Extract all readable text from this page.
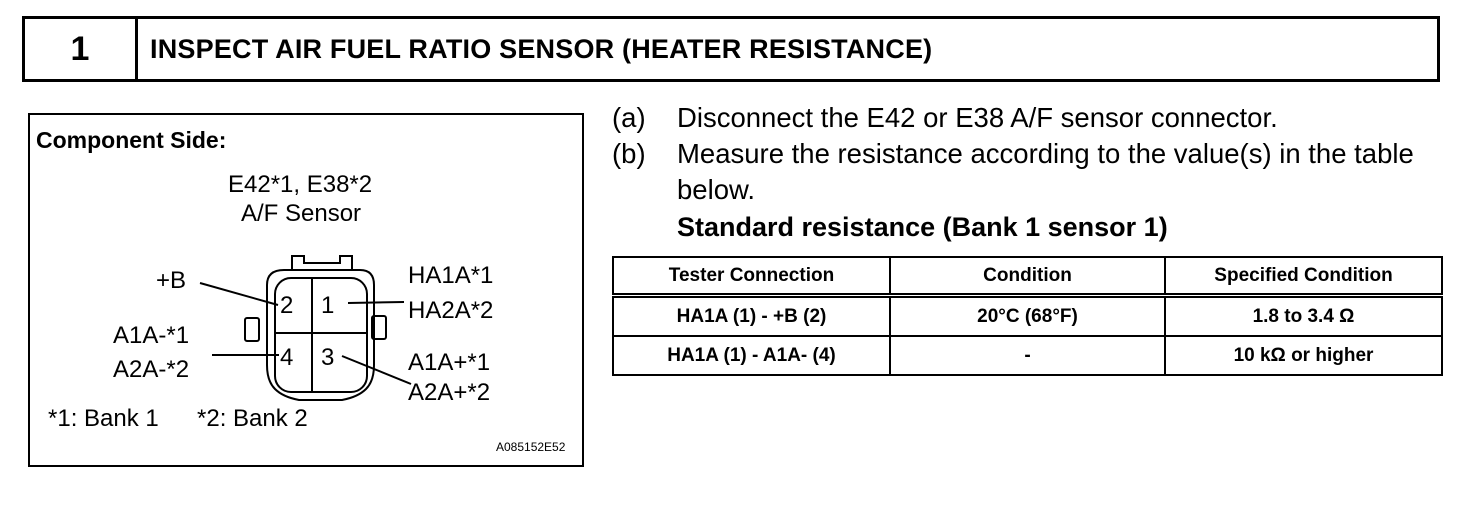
1	INSPECT AIR FUEL RATIO SENSOR (HEATER RESISTANCE)
Component Side:
E42*1, E38*2
A/F Sensor
2 1
4 3
+B	HA1A*1
HA2A*2
A1A-*1
A2A-*2	A1A+*1
A2A+*2
*1: Bank 1 *2: Bank 2
A085152E52
(a)	Disconnect the E42 or E38 A/F sensor connector.
(b)	Measure the resistance according to the value(s) in the table below.
Standard resistance (Bank 1 sensor 1)
Tester Connection	Condition	Specified Condition
HA1A (1) - +B (2)	20°C (68°F)	1.8 to 3.4 Ω
HA1A (1) - A1A- (4)	-	10 kΩ or higher
